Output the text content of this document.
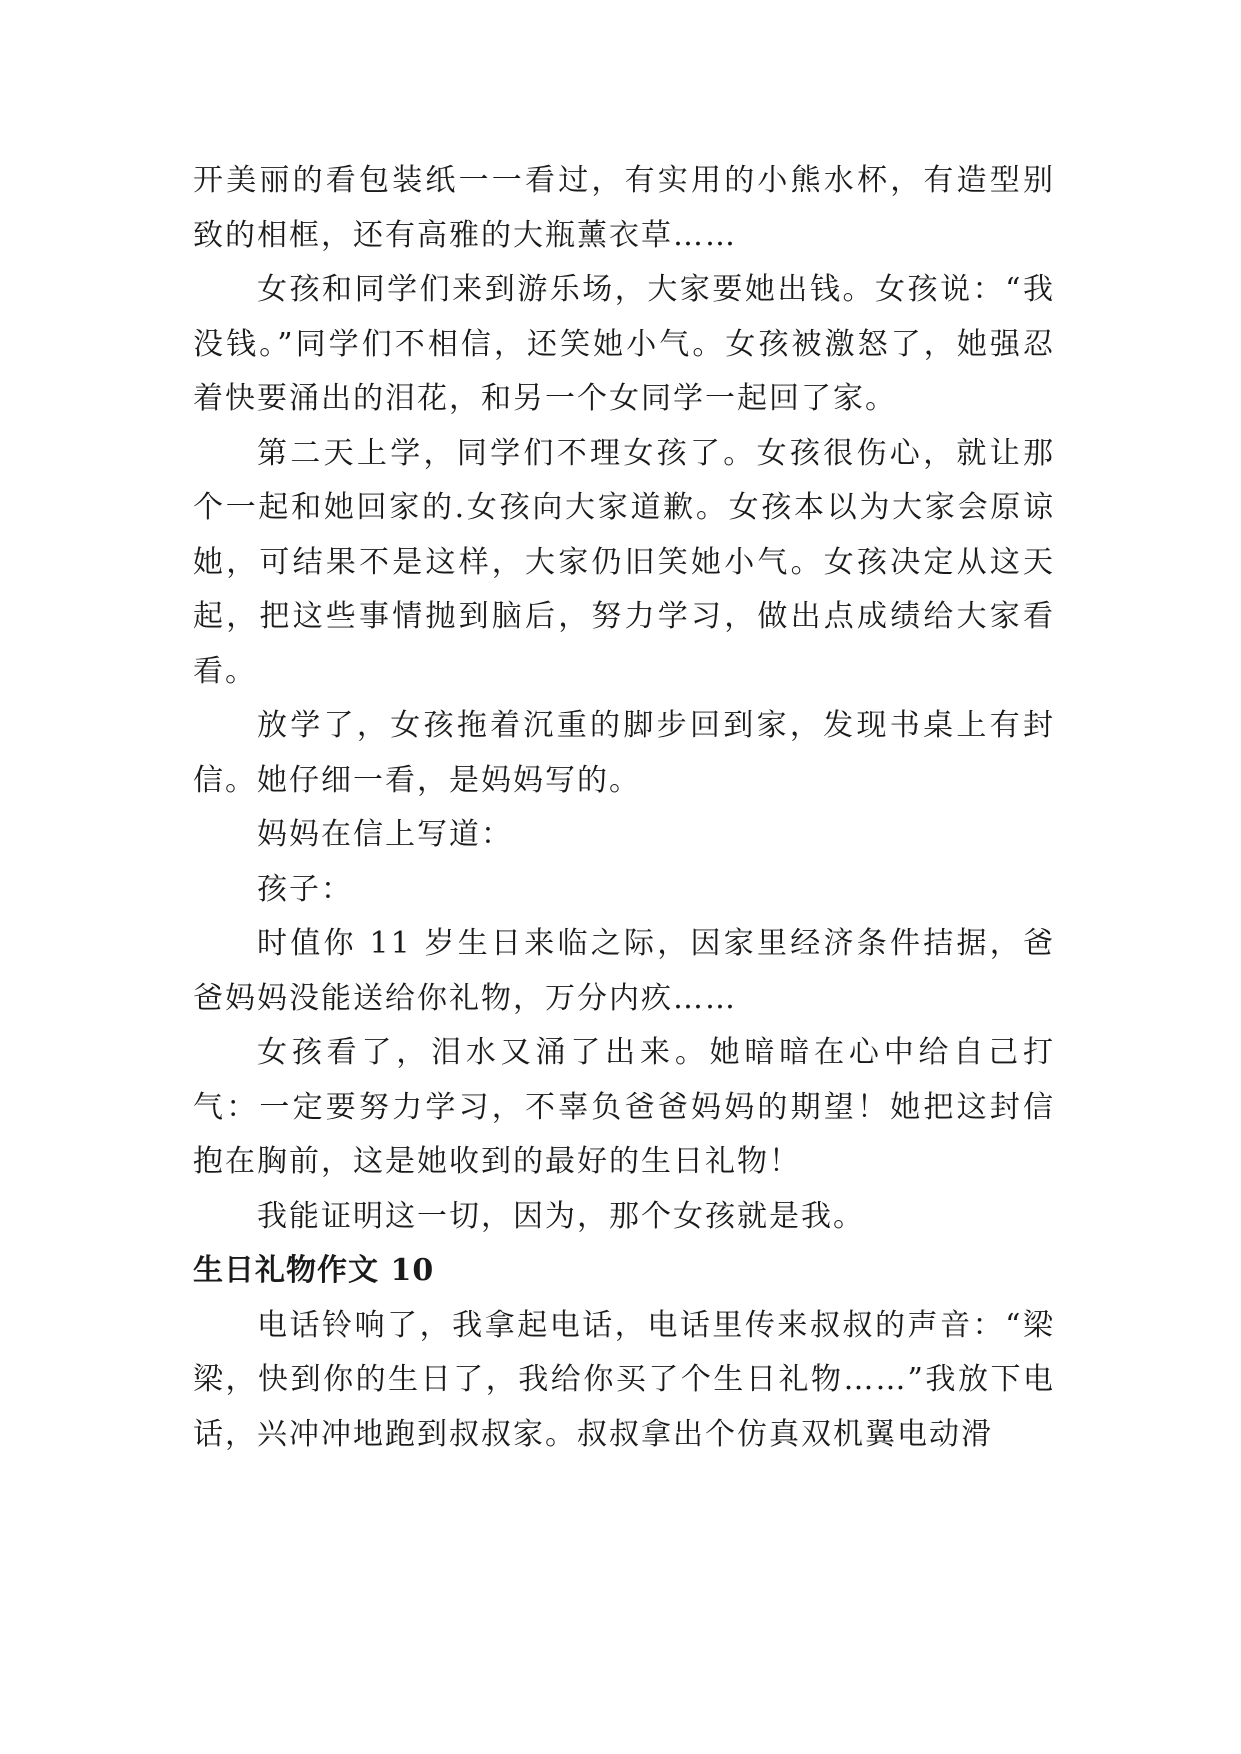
开美丽的看包装纸一一看过，有实用的小熊水杯，有造型别致的相框，还有高雅的大瓶薰衣草……

女孩和同学们来到游乐场，大家要她出钱。女孩说：“我没钱。”同学们不相信，还笑她小气。女孩被激怒了，她强忍着快要涌出的泪花，和另一个女同学一起回了家。

第二天上学，同学们不理女孩了。女孩很伤心，就让那个一起和她回家的.女孩向大家道歉。女孩本以为大家会原谅她，可结果不是这样，大家仍旧笑她小气。女孩决定从这天起，把这些事情抛到脑后，努力学习，做出点成绩给大家看看。

放学了，女孩拖着沉重的脚步回到家，发现书桌上有封信。她仔细一看，是妈妈写的。

妈妈在信上写道：

孩子：

时值你 11 岁生日来临之际，因家里经济条件拮据，爸爸妈妈没能送给你礼物，万分内疚……

女孩看了，泪水又涌了出来。她暗暗在心中给自己打气：一定要努力学习，不辜负爸爸妈妈的期望！她把这封信抱在胸前，这是她收到的最好的生日礼物！

我能证明这一切，因为，那个女孩就是我。

生日礼物作文 10

电话铃响了，我拿起电话，电话里传来叔叔的声音：“梁梁，快到你的生日了，我给你买了个生日礼物……”我放下电话，兴冲冲地跑到叔叔家。叔叔拿出个仿真双机翼电动滑
